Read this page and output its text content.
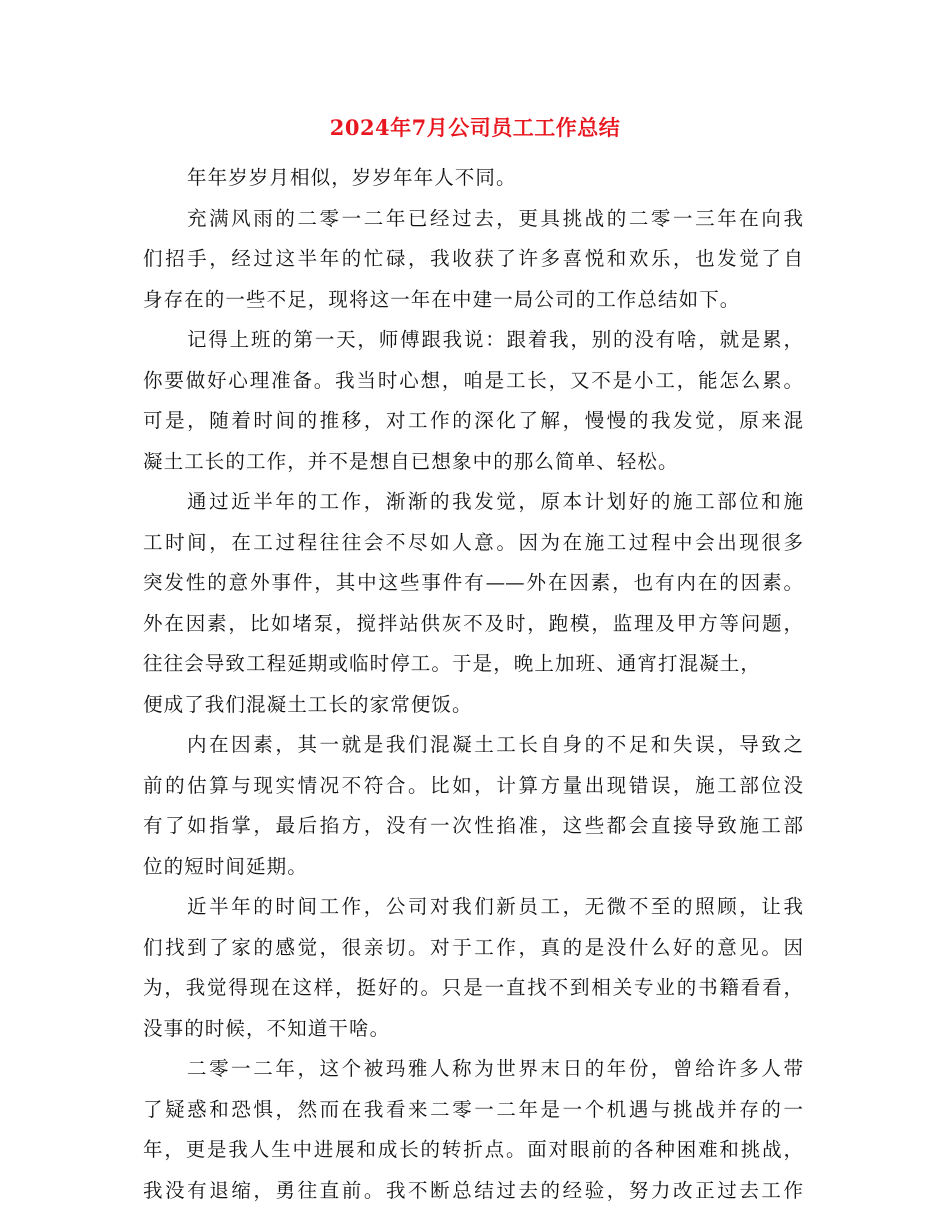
2024年7月公司员工工作总结
年年岁岁月相似，岁岁年年人不同。
充满风雨的二零一二年已经过去，更具挑战的二零一三年在向我
们招手，经过这半年的忙碌，我收获了许多喜悦和欢乐，也发觉了自
身存在的一些不足，现将这一年在中建一局公司的工作总结如下。
记得上班的第一天，师傅跟我说：跟着我，别的没有啥，就是累，
你要做好心理准备。我当时心想，咱是工长，又不是小工，能怎么累。
可是，随着时间的推移，对工作的深化了解，慢慢的我发觉，原来混
凝土工长的工作，并不是想自已想象中的那么简单、轻松。
通过近半年的工作，渐渐的我发觉，原本计划好的施工部位和施
工时间，在工过程往往会不尽如人意。因为在施工过程中会出现很多
突发性的意外事件，其中这些事件有——外在因素，也有内在的因素。
外在因素，比如堵泵，搅拌站供灰不及时，跑模，监理及甲方等问题，
往往会导致工程延期或临时停工。于是，晚上加班、通宵打混凝土，
便成了我们混凝土工长的家常便饭。
内在因素，其一就是我们混凝土工长自身的不足和失误，导致之
前的估算与现实情况不符合。比如，计算方量出现错误，施工部位没
有了如指掌，最后掐方，没有一次性掐准，这些都会直接导致施工部
位的短时间延期。
近半年的时间工作，公司对我们新员工，无微不至的照顾，让我
们找到了家的感觉，很亲切。对于工作，真的是没什么好的意见。因
为，我觉得现在这样，挺好的。只是一直找不到相关专业的书籍看看，
没事的时候，不知道干啥。
二零一二年，这个被玛雅人称为世界末日的年份，曾给许多人带
了疑惑和恐惧，然而在我看来二零一二年是一个机遇与挑战并存的一
年，更是我人生中进展和成长的转折点。面对眼前的各种困难和挑战，
我没有退缩，勇往直前。我不断总结过去的经验，努力改正过去工作
